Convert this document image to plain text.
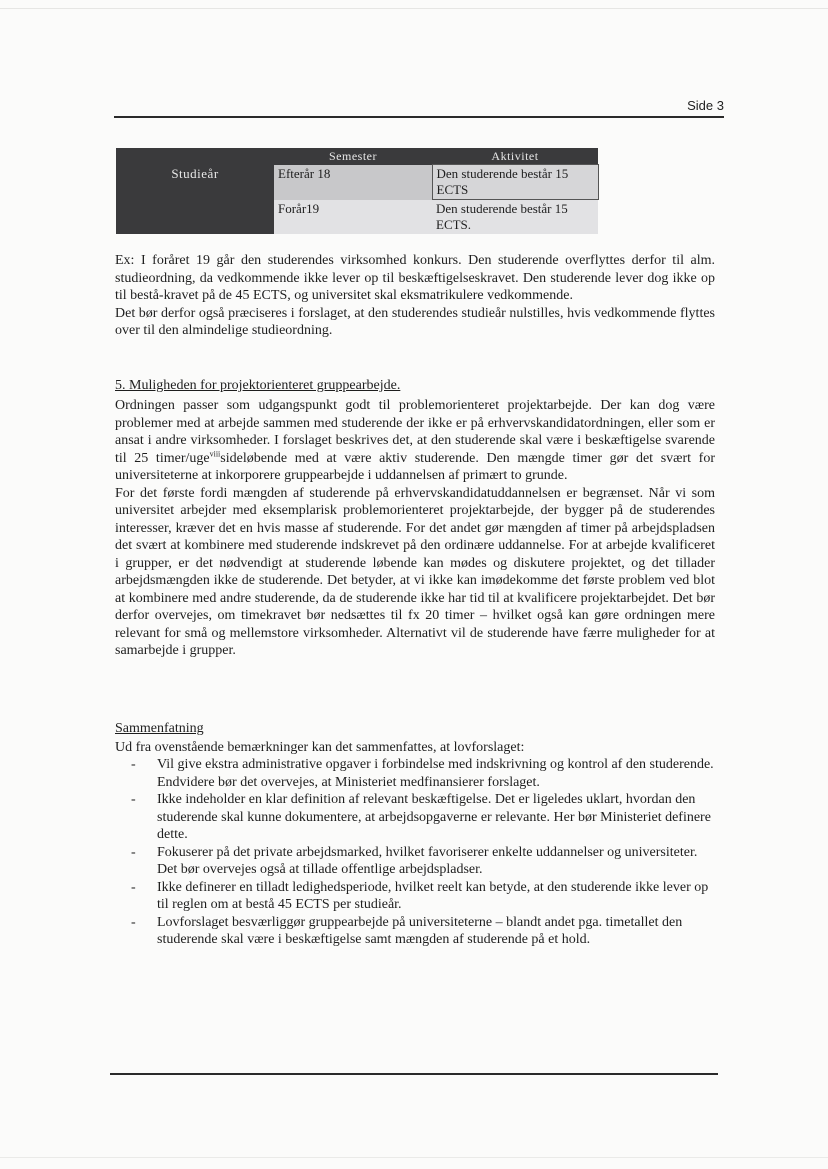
Side 3
	Semester	Aktivitet
Studieår	Efterår 18	Den studerende består 15 ECTS
	Forår19	Den studerende består 15 ECTS.
Ex: I foråret 19 går den studerendes virksomhed konkurs. Den studerende overflyttes derfor til alm. studieordning, da vedkommende ikke lever op til beskæftigelseskravet. Den studerende lever dog ikke op til bestå-kravet på de 45 ECTS, og universitet skal eksmatrikulere vedkommende.
Det bør derfor også præciseres i forslaget, at den studerendes studieår nulstilles, hvis vedkommende flyttes over til den almindelige studieordning.
5. Muligheden for projektorienteret gruppearbejde.
Ordningen passer som udgangspunkt godt til problemorienteret projektarbejde. Der kan dog være problemer med at arbejde sammen med studerende der ikke er på erhvervskandidatordningen, eller som er ansat i andre virksomheder. I forslaget beskrives det, at den studerende skal være i beskæftigelse svarende til 25 timer/uge$^{viii}$sideløbende med at være aktiv studerende. Den mængde timer gør det svært for universiteterne at inkorporere gruppearbejde i uddannelsen af primært to grunde.
For det første fordi mængden af studerende på erhvervskandidatuddannelsen er begrænset. Når vi som universitet arbejder med eksemplarisk problemorienteret projektarbejde, der bygger på de studerendes interesser, kræver det en hvis masse af studerende. For det andet gør mængden af timer på arbejdspladsen det svært at kombinere med studerende indskrevet på den ordinære uddannelse. For at arbejde kvalificeret i grupper, er det nødvendigt at studerende løbende kan mødes og diskutere projektet, og det tillader arbejdsmængden ikke de studerende. Det betyder, at vi ikke kan imødekomme det første problem ved blot at kombinere med andre studerende, da de studerende ikke har tid til at kvalificere projektarbejdet. Det bør derfor overvejes, om timekravet bør nedsættes til fx 20 timer – hvilket også kan gøre ordningen mere relevant for små og mellemstore virksomheder. Alternativt vil de studerende have færre muligheder for at samarbejde i grupper.
Sammenfatning
Ud fra ovenstående bemærkninger kan det sammenfattes, at lovforslaget:
- Vil give ekstra administrative opgaver i forbindelse med indskrivning og kontrol af den studerende. Endvidere bør det overvejes, at Ministeriet medfinansierer forslaget.
- Ikke indeholder en klar definition af relevant beskæftigelse. Det er ligeledes uklart, hvordan den studerende skal kunne dokumentere, at arbejdsopgaverne er relevante. Her bør Ministeriet definere dette.
- Fokuserer på det private arbejdsmarked, hvilket favoriserer enkelte uddannelser og universiteter. Det bør overvejes også at tillade offentlige arbejdspladser.
- Ikke definerer en tilladt ledighedsperiode, hvilket reelt kan betyde, at den studerende ikke lever op til reglen om at bestå 45 ECTS per studieår.
- Lovforslaget besværliggør gruppearbejde på universiteterne – blandt andet pga. timetallet den studerende skal være i beskæftigelse samt mængden af studerende på et hold.
